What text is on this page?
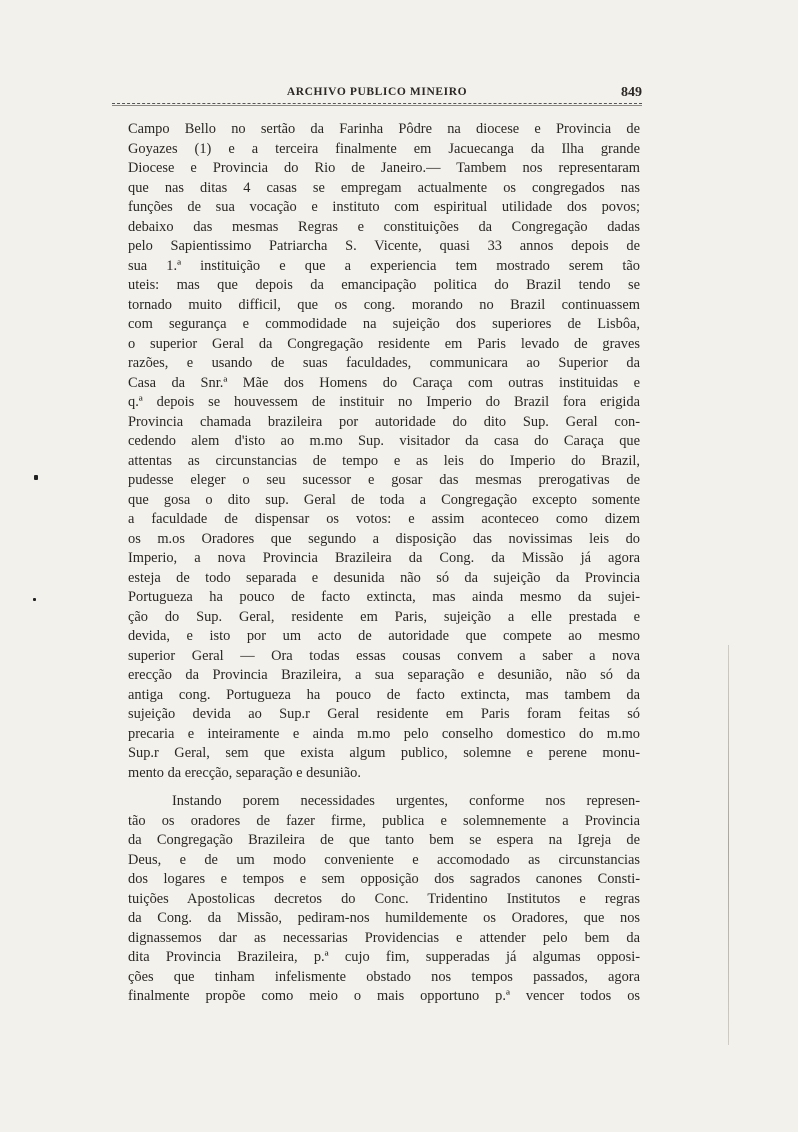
ARCHIVO PUBLICO MINEIRO	849
Campo Bello no sertão da Farinha Pôdre na diocese e Provincia de
Goyazes (1) e a terceira finalmente em Jacuecanga da Ilha grande
Diocese e Provincia do Rio de Janeiro.— Tambem nos representaram
que nas ditas 4 casas se empregam actualmente os congregados nas
funções de sua vocação e instituto com espiritual utilidade dos povos;
debaixo das mesmas Regras e constituições da Congregação dadas
pelo Sapientissimo Patriarcha S. Vicente, quasi 33 annos depois de
sua 1.ª instituição e que a experiencia tem mostrado serem tão
uteis: mas que depois da emancipação politica do Brazil tendo se
tornado muito difficil, que os cong. morando no Brazil continuassem
com segurança e commodidade na sujeição dos superiores de Lisbôa,
o superior Geral da Congregação residente em Paris levado de graves
razões, e usando de suas faculdades, communicara ao Superior da
Casa da Snr.ª Mãe dos Homens do Caraça com outras instituidas e
q.ª depois se houvessem de instituir no Imperio do Brazil fora erigida
Provincia chamada brazileira por autoridade do dito Sup. Geral con-
cedendo alem d'isto ao m.mo Sup. visitador da casa do Caraça que
attentas as circunstancias de tempo e as leis do Imperio do Brazil,
pudesse eleger o seu sucessor e gosar das mesmas prerogativas de
que gosa o dito sup. Geral de toda a Congregação excepto somente
a faculdade de dispensar os votos: e assim aconteceo como dizem
os m.os Oradores que segundo a disposição das novissimas leis do
Imperio, a nova Provincia Brazileira da Cong. da Missão já agora
esteja de todo separada e desunida não só da sujeição da Provincia
Portugueza ha pouco de facto extincta, mas ainda mesmo da sujei-
ção do Sup. Geral, residente em Paris, sujeição a elle prestada e
devida, e isto por um acto de autoridade que compete ao mesmo
superior Geral — Ora todas essas cousas convem a saber a nova
erecção da Provincia Brazileira, a sua separação e desunião, não só da
antiga cong. Portugueza ha pouco de facto extincta, mas tambem da
sujeição devida ao Sup.r Geral residente em Paris foram feitas só
precaria e inteiramente e ainda m.mo pelo conselho domestico do m.mo
Sup.r Geral, sem que exista algum publico, solemne e perene monu-
mento da erecção, separação e desunião.
Instando porem necessidades urgentes, conforme nos represen-
tão os oradores de fazer firme, publica e solemnemente a Provincia
da Congregação Brazileira de que tanto bem se espera na Igreja de
Deus, e de um modo conveniente e accomodado as circunstancias
dos logares e tempos e sem opposição dos sagrados canones Consti-
tuições Apostolicas decretos do Conc. Tridentino Institutos e regras
da Cong. da Missão, pediram-nos humildemente os Oradores, que nos
dignassemos dar as necessarias Providencias e attender pelo bem da
dita Provincia Brazileira, p.ª cujo fim, supperadas já algumas opposi-
ções que tinham infelismente obstado nos tempos passados, agora
finalmente propõe como meio o mais opportuno p.ª vencer todos os
